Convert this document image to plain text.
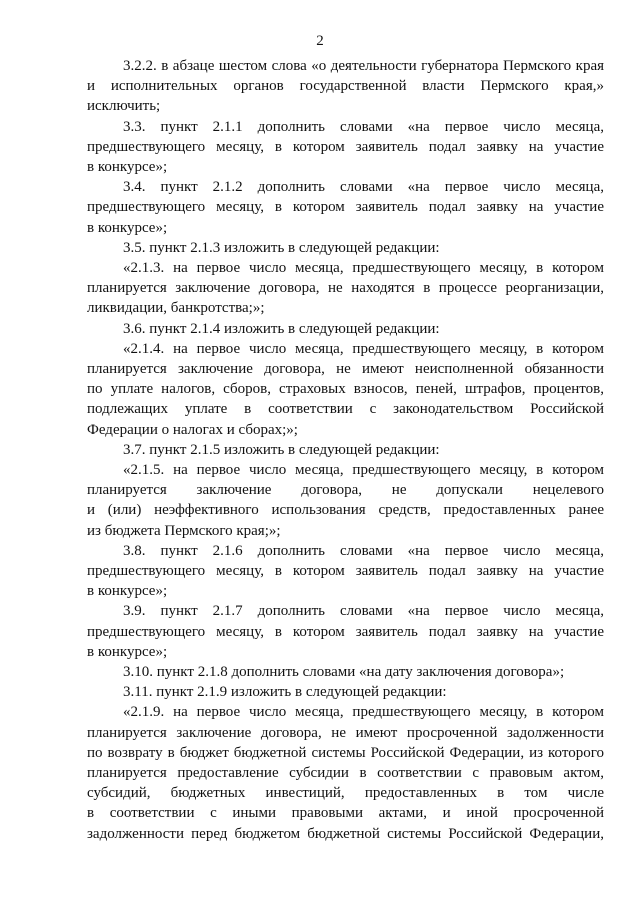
2
3.2.2. в абзаце шестом слова «о деятельности губернатора Пермского края
и исполнительных органов государственной власти Пермского края,»
исключить;
3.3. пункт 2.1.1 дополнить словами «на первое число месяца,
предшествующего месяцу, в котором заявитель подал заявку на участие
в конкурсе»;
3.4. пункт 2.1.2 дополнить словами «на первое число месяца,
предшествующего месяцу, в котором заявитель подал заявку на участие
в конкурсе»;
3.5. пункт 2.1.3 изложить в следующей редакции:
«2.1.3. на первое число месяца, предшествующего месяцу, в котором
планируется заключение договора, не находятся в процессе реорганизации,
ликвидации, банкротства;»;
3.6. пункт 2.1.4 изложить в следующей редакции:
«2.1.4. на первое число месяца, предшествующего месяцу, в котором
планируется заключение договора, не имеют неисполненной обязанности
по уплате налогов, сборов, страховых взносов, пеней, штрафов, процентов,
подлежащих уплате в соответствии с законодательством Российской
Федерации о налогах и сборах;»;
3.7. пункт 2.1.5 изложить в следующей редакции:
«2.1.5. на первое число месяца, предшествующего месяцу, в котором
планируется заключение договора, не допускали нецелевого
и (или) неэффективного использования средств, предоставленных ранее
из бюджета Пермского края;»;
3.8. пункт 2.1.6 дополнить словами «на первое число месяца,
предшествующего месяцу, в котором заявитель подал заявку на участие
в конкурсе»;
3.9. пункт 2.1.7 дополнить словами «на первое число месяца,
предшествующего месяцу, в котором заявитель подал заявку на участие
в конкурсе»;
3.10. пункт 2.1.8 дополнить словами «на дату заключения договора»;
3.11. пункт 2.1.9 изложить в следующей редакции:
«2.1.9. на первое число месяца, предшествующего месяцу, в котором
планируется заключение договора, не имеют просроченной задолженности
по возврату в бюджет бюджетной системы Российской Федерации, из которого
планируется предоставление субсидии в соответствии с правовым актом,
субсидий, бюджетных инвестиций, предоставленных в том числе
в соответствии с иными правовыми актами, и иной просроченной
задолженности перед бюджетом бюджетной системы Российской Федерации,
